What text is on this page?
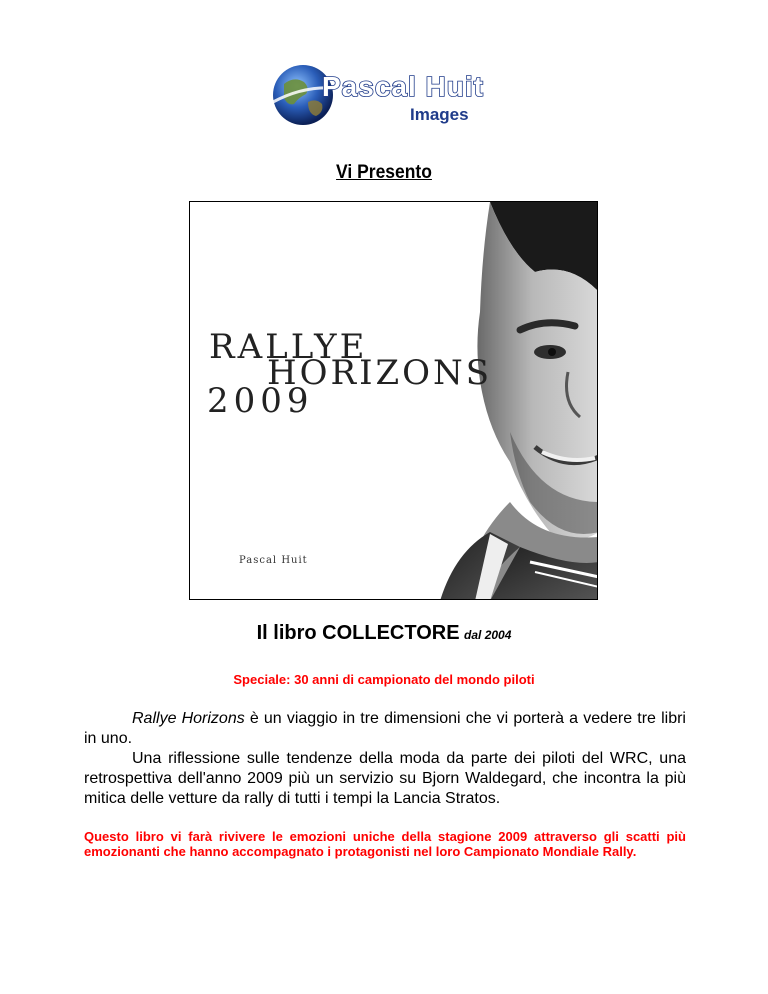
Pascal Huit
Images
Vi Presento
RALLYE
HORIZONS
2009
Pascal Huit
Il libro COLLECTORE dal 2004
Speciale: 30 anni di campionato del mondo piloti

Rallye Horizons è un viaggio in tre dimensioni che vi porterà a vedere tre libri in uno.

Una riflessione sulle tendenze della moda da parte dei piloti del WRC, una retrospettiva dell'anno 2009 più un servizio su Bjorn Waldegard, che incontra la più mitica delle vetture da rally di tutti i tempi la Lancia Stratos.

Questo libro vi farà rivivere le emozioni uniche della stagione 2009 attraverso gli scatti più emozionanti che hanno accompagnato i protagonisti nel loro Campionato Mondiale Rally.
